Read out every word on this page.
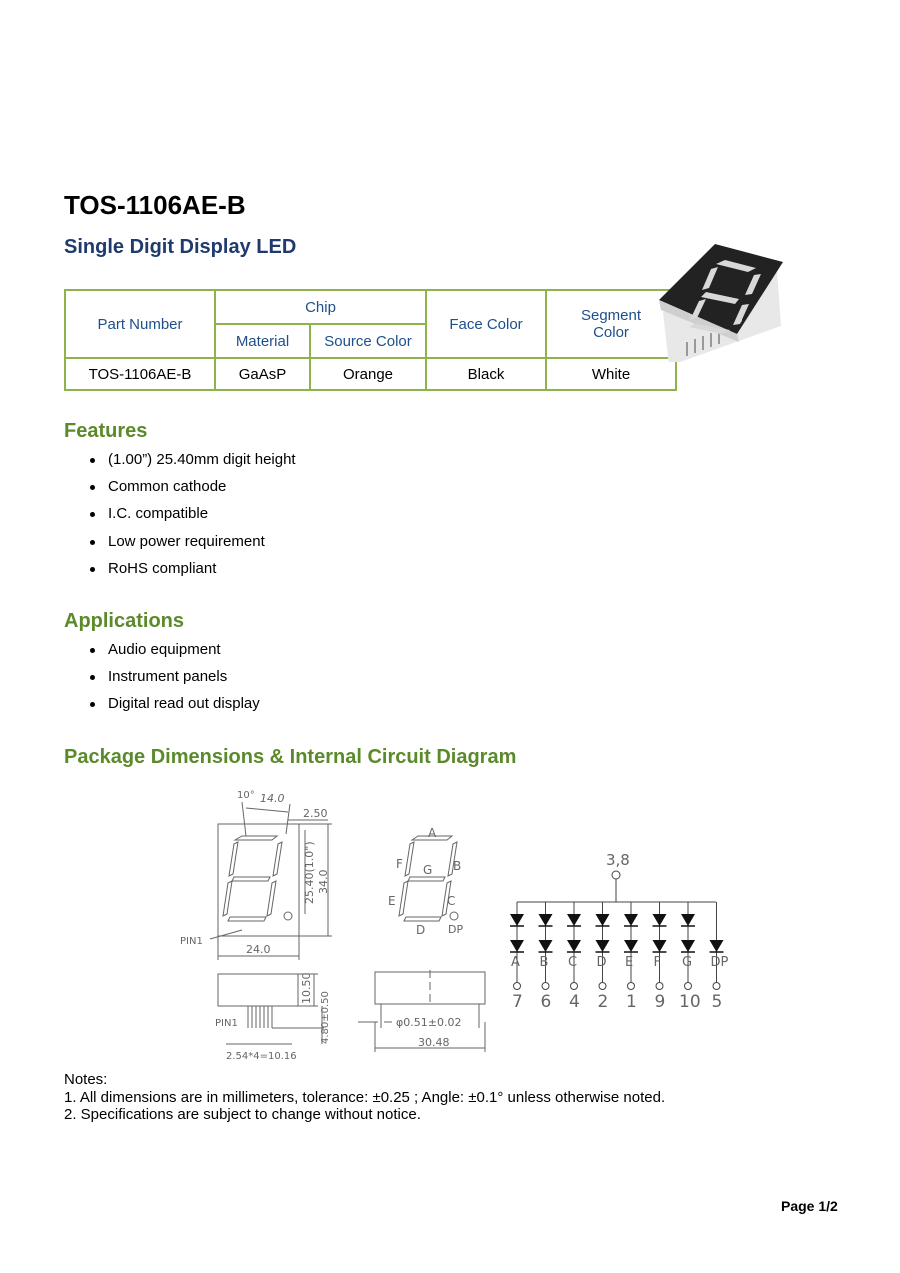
TOS-1106AE-B
Single Digit Display LED
Part Number	Chip		Face Color	Segment Color
	Material	Source Color		
TOS-1106AE-B	GaAsP	Orange	Black	White
Features
(1.00”) 25.40mm digit height
Common cathode
I.C. compatible
Low power requirement
RoHS compliant
Applications
Audio equipment
Instrument panels
Digital read out display
Package Dimensions & Internal Circuit Diagram
10° 14.0
2.50
25.40(1.0") 34.0
24.0
PIN1
10.50
4.80±0.50
PIN1
2.54*4=10.16
A
B
C
D
E
F G
DP
φ0.51±0.02
30.48
3,8
A
7
B
6
C
4
D
2
E
1
F
9
G
10
DP
5
Notes:
1. All dimensions are in millimeters, tolerance: ±0.25 ; Angle: ±0.1° unless otherwise noted.
2. Specifications are subject to change without notice.
Page 1/2
